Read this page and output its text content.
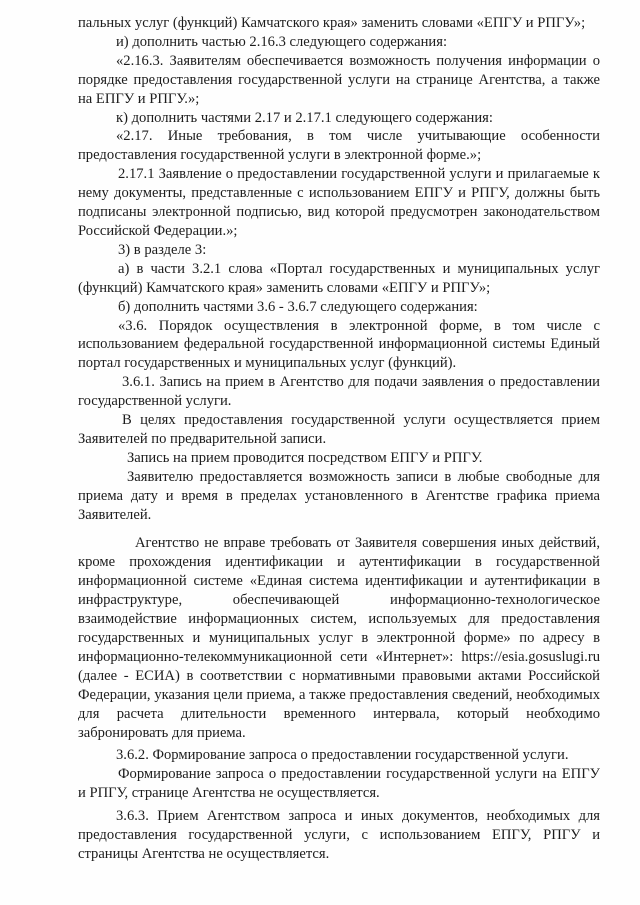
пальных услуг (функций) Камчатского края» заменить словами «ЕПГУ и РПГУ»;

и) дополнить частью 2.16.3 следующего содержания:

«2.16.3. Заявителям обеспечивается возможность получения информации о порядке предоставления государственной услуги на странице Агентства, а также на ЕПГУ и РПГУ.»;

к) дополнить частями 2.17 и 2.17.1 следующего содержания:

«2.17. Иные требования, в том числе учитывающие особенности предоставления государственной услуги в электронной форме.»;

2.17.1 Заявление о предоставлении государственной услуги и прилагаемые к нему документы, представленные с использованием ЕПГУ и РПГУ, должны быть подписаны электронной подписью, вид которой предусмотрен законодательством Российской Федерации.»;

3) в разделе 3:

а) в части 3.2.1 слова «Портал государственных и муниципальных услуг (функций) Камчатского края» заменить словами «ЕПГУ и РПГУ»;

б) дополнить частями 3.6 - 3.6.7 следующего содержания:

«3.6. Порядок осуществления в электронной форме, в том числе с использованием федеральной государственной информационной системы Единый портал государственных и муниципальных услуг (функций).

3.6.1. Запись на прием в Агентство для подачи заявления о предоставлении государственной услуги.

В целях предоставления государственной услуги осуществляется прием Заявителей по предварительной записи.

Запись на прием проводится посредством ЕПГУ и РПГУ.

Заявителю предоставляется возможность записи в любые свободные для приема дату и время в пределах установленного в Агентстве графика приема Заявителей.

Агентство не вправе требовать от Заявителя совершения иных действий, кроме прохождения идентификации и аутентификации в государственной информационной системе «Единая система идентификации и аутентификации в инфраструктуре, обеспечивающей информационно-технологическое взаимодействие информационных систем, используемых для предоставления государственных и муниципальных услуг в электронной форме» по адресу в информационно-телекоммуникационной сети «Интернет»: https://esia.gosuslugi.ru (далее - ЕСИА) в соответствии с нормативными правовыми актами Российской Федерации, указания цели приема, а также предоставления сведений, необходимых для расчета длительности временного интервала, который необходимо забронировать для приема.

3.6.2. Формирование запроса о предоставлении государственной услуги.

Формирование запроса о предоставлении государственной услуги на ЕПГУ и РПГУ, странице Агентства не осуществляется.

3.6.3. Прием Агентством запроса и иных документов, необходимых для предоставления государственной услуги, с использованием ЕПГУ, РПГУ и страницы Агентства не осуществляется.
